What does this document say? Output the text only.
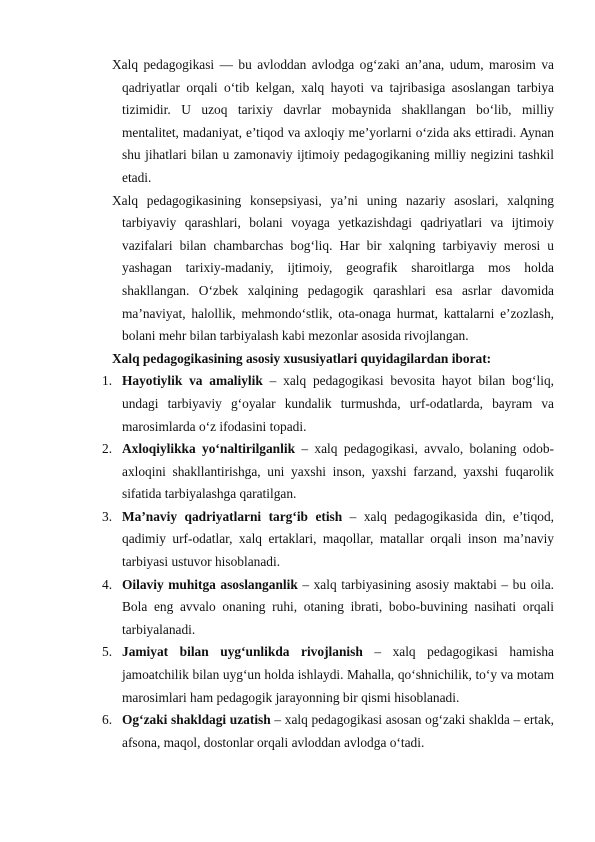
Xalq pedagogikasi — bu avloddan avlodga og‘zaki an’ana, udum, marosim va qadriyatlar orqali o‘tib kelgan, xalq hayoti va tajribasiga asoslangan tarbiya tizimidir. U uzoq tarixiy davrlar mobaynida shakllangan bo‘lib, milliy mentalitet, madaniyat, e’tiqod va axloqiy me’yorlarni o‘zida aks ettiradi. Aynan shu jihatlari bilan u zamonaviy ijtimoiy pedagogikaning milliy negizini tashkil etadi.

Xalq pedagogikasining konsepsiyasi, ya’ni uning nazariy asoslari, xalqning tarbiyaviy qarashlari, bolani voyaga yetkazishdagi qadriyatlari va ijtimoiy vazifalari bilan chambarchas bog‘liq. Har bir xalqning tarbiyaviy merosi u yashagan tarixiy-madaniy, ijtimoiy, geografik sharoitlarga mos holda shakllangan. O‘zbek xalqining pedagogik qarashlari esa asrlar davomida ma’naviyat, halollik, mehmondo‘stlik, ota-onaga hurmat, kattalarni e’zozlash, bolani mehr bilan tarbiyalash kabi mezonlar asosida rivojlangan.

Xalq pedagogikasining asosiy xususiyatlari quyidagilardan iborat:

1. Hayotiylik va amaliylik – xalq pedagogikasi bevosita hayot bilan bog‘liq, undagi tarbiyaviy g‘oyalar kundalik turmushda, urf-odatlarda, bayram va marosimlarda o‘z ifodasini topadi.
2. Axloqiylikka yo‘naltirilganlik – xalq pedagogikasi, avvalo, bolaning odob-axloqini shakllantirishga, uni yaxshi inson, yaxshi farzand, yaxshi fuqarolik sifatida tarbiyalashga qaratilgan.
3. Ma’naviy qadriyatlarni targ‘ib etish – xalq pedagogikasida din, e’tiqod, qadimiy urf-odatlar, xalq ertaklari, maqollar, matallar orqali inson ma’naviy tarbiyasi ustuvor hisoblanadi.
4. Oilaviy muhitga asoslanganlik – xalq tarbiyasining asosiy maktabi – bu oila. Bola eng avvalo onaning ruhi, otaning ibrati, bobo-buvining nasihati orqali tarbiyalanadi.
5. Jamiyat bilan uyg‘unlikda rivojlanish – xalq pedagogikasi hamisha jamoatchilik bilan uyg‘un holda ishlaydi. Mahalla, qo‘shnichilik, to‘y va motam marosimlari ham pedagogik jarayonning bir qismi hisoblanadi.
6. Og‘zaki shakldagi uzatish – xalq pedagogikasi asosan og‘zaki shaklda – ertak, afsona, maqol, dostonlar orqali avloddan avlodga o‘tadi.
